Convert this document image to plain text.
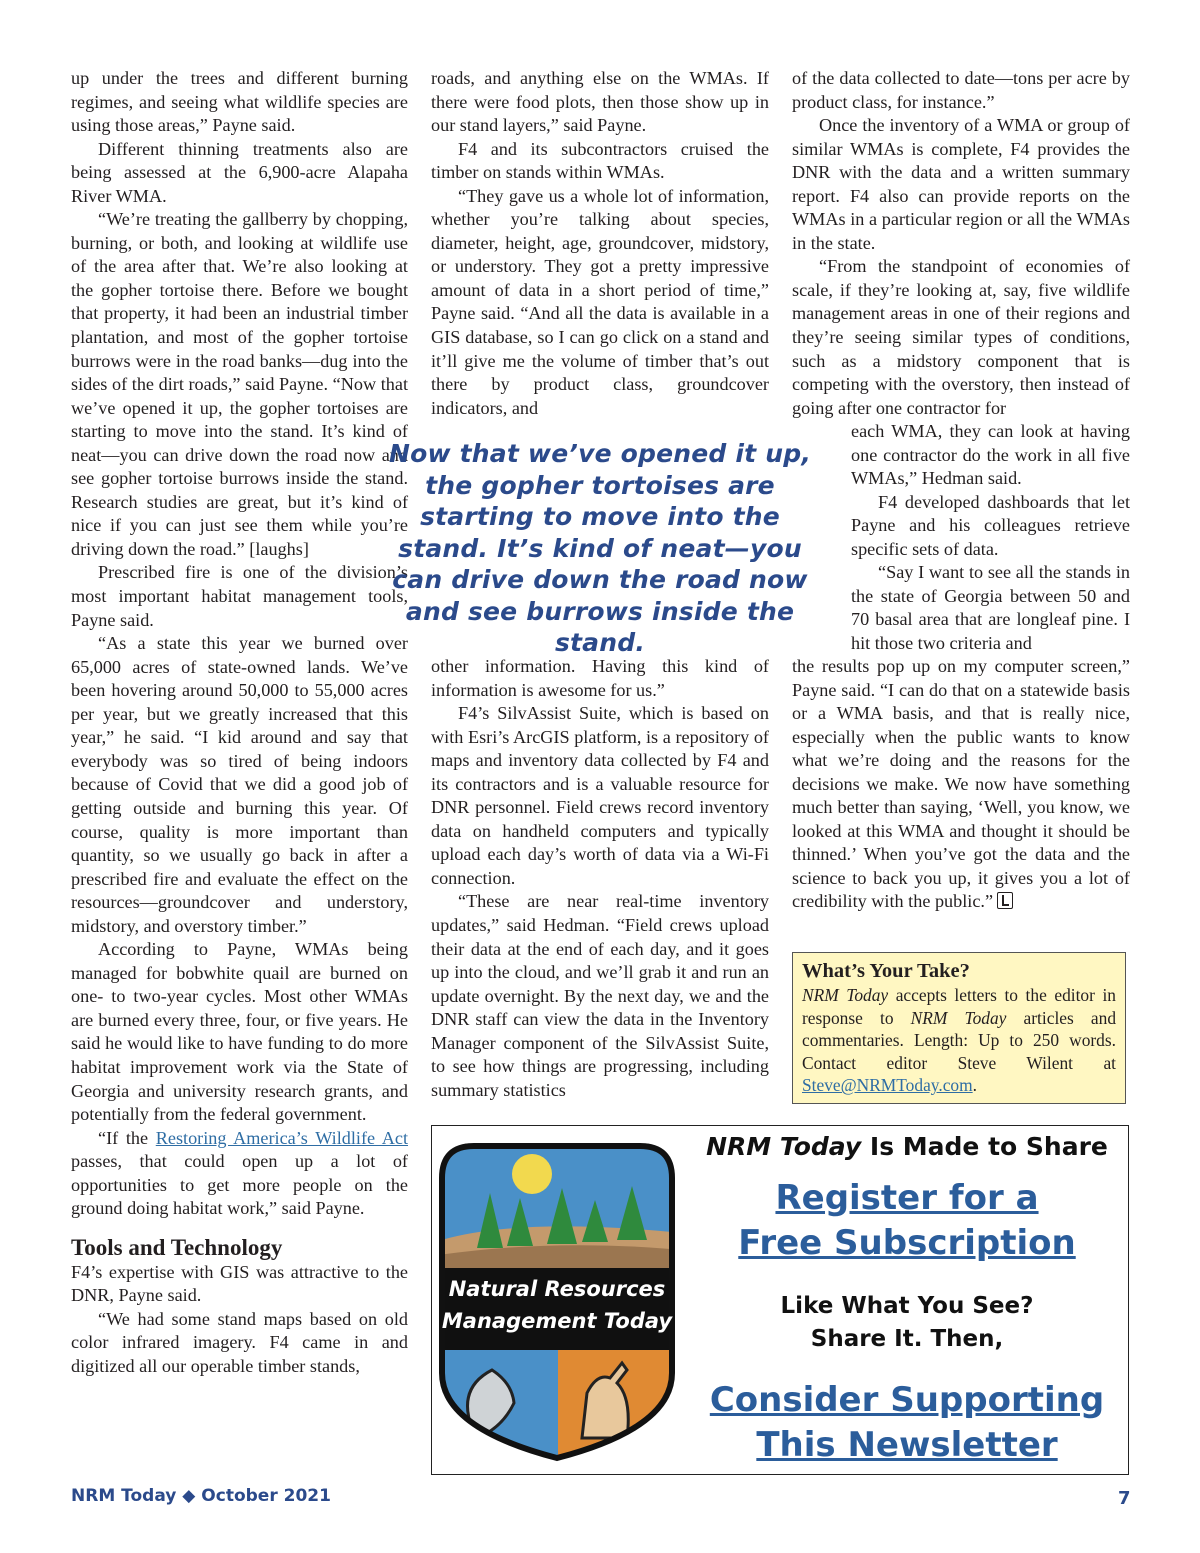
up under the trees and different burning regimes, and seeing what wildlife species are using those areas,” Payne said.

Different thinning treatments also are being assessed at the 6,900-acre Alapaha River WMA.

“We’re treating the gallberry by chopping, burning, or both, and looking at wildlife use of the area after that. We’re also looking at the gopher tortoise there. Before we bought that property, it had been an industrial timber plantation, and most of the gopher tortoise burrows were in the road banks—dug into the sides of the dirt roads,” said Payne. “Now that we’ve opened it up, the gopher tortoises are starting to move into the stand. It’s kind of neat—you can drive down the road now and see gopher tortoise burrows inside the stand. Research studies are great, but it’s kind of nice if you can just see them while you’re driving down the road.” [laughs]

Prescribed fire is one of the division’s most important habitat management tools, Payne said.

“As a state this year we burned over 65,000 acres of state-owned lands. We’ve been hovering around 50,000 to 55,000 acres per year, but we greatly increased that this year,” he said. “I kid around and say that everybody was so tired of being indoors because of Covid that we did a good job of getting outside and burning this year. Of course, quality is more important than quantity, so we usually go back in after a prescribed fire and evaluate the effect on the resources—groundcover and understory, midstory, and overstory timber.”

According to Payne, WMAs being managed for bobwhite quail are burned on one- to two-year cycles. Most other WMAs are burned every three, four, or five years. He said he would like to have funding to do more habitat improvement work via the State of Georgia and university research grants, and potentially from the federal government.

“If the Restoring America’s Wildlife Act passes, that could open up a lot of opportunities to get more people on the ground doing habitat work,” said Payne.

Tools and Technology

F4’s expertise with GIS was attractive to the DNR, Payne said.

“We had some stand maps based on old color infrared imagery. F4 came in and digitized all our operable timber stands,

roads, and anything else on the WMAs. If there were food plots, then those show up in our stand layers,” said Payne.

F4 and its subcontractors cruised the timber on stands within WMAs.

“They gave us a whole lot of information, whether you’re talking about species, diameter, height, age, groundcover, midstory, or understory. They got a pretty impressive amount of data in a short period of time,” Payne said. “And all the data is available in a GIS database, so I can go click on a stand and it’ll give me the volume of timber that’s out there by product class, groundcover indicators, and

Now that we’ve opened it up, the gopher tortoises are starting to move into the stand. It’s kind of neat—you can drive down the road now and see burrows inside the stand.

other information. Having this kind of information is awesome for us.”

F4’s SilvAssist Suite, which is based on with Esri’s ArcGIS platform, is a repository of maps and inventory data collected by F4 and its contractors and is a valuable resource for DNR personnel. Field crews record inventory data on handheld computers and typically upload each day’s worth of data via a Wi-Fi connection.

“These are near real-time inventory updates,” said Hedman. “Field crews upload their data at the end of each day, and it goes up into the cloud, and we’ll grab it and run an update overnight. By the next day, we and the DNR staff can view the data in the Inventory Manager component of the SilvAssist Suite, to see how things are progressing, including summary statistics

of the data collected to date—tons per acre by product class, for instance.”

Once the inventory of a WMA or group of similar WMAs is complete, F4 provides the DNR with the data and a written summary report. F4 also can provide reports on the WMAs in a particular region or all the WMAs in the state.

“From the standpoint of economies of scale, if they’re looking at, say, five wildlife management areas in one of their regions and they’re seeing similar types of conditions, such as a midstory component that is competing with the overstory, then instead of going after one contractor for

each WMA, they can look at having one contractor do the work in all five WMAs,” Hedman said.

F4 developed dashboards that let Payne and his colleagues retrieve specific sets of data.

“Say I want to see all the stands in the state of Georgia between 50 and 70 basal area that are longleaf pine. I hit those two criteria and

the results pop up on my computer screen,” Payne said. “I can do that on a statewide basis or a WMA basis, and that is really nice, especially when the public wants to know what we’re doing and the reasons for the decisions we make. We now have something much better than saying, ‘Well, you know, we looked at this WMA and thought it should be thinned.’ When you’ve got the data and the science to back you up, it gives you a lot of credibility with the public.”

What’s Your Take?

NRM Today accepts letters to the editor in response to NRM Today articles and commentaries. Length: Up to 250 words. Contact editor Steve Wilent at Steve@NRMToday.com.

Natural Resources
Management Today
NRM Today Is Made to Share
Register for a
Free Subscription
Like What You See?
Share It. Then,
Consider Supporting
This Newsletter
NRM Today ◆ October 2021	7
